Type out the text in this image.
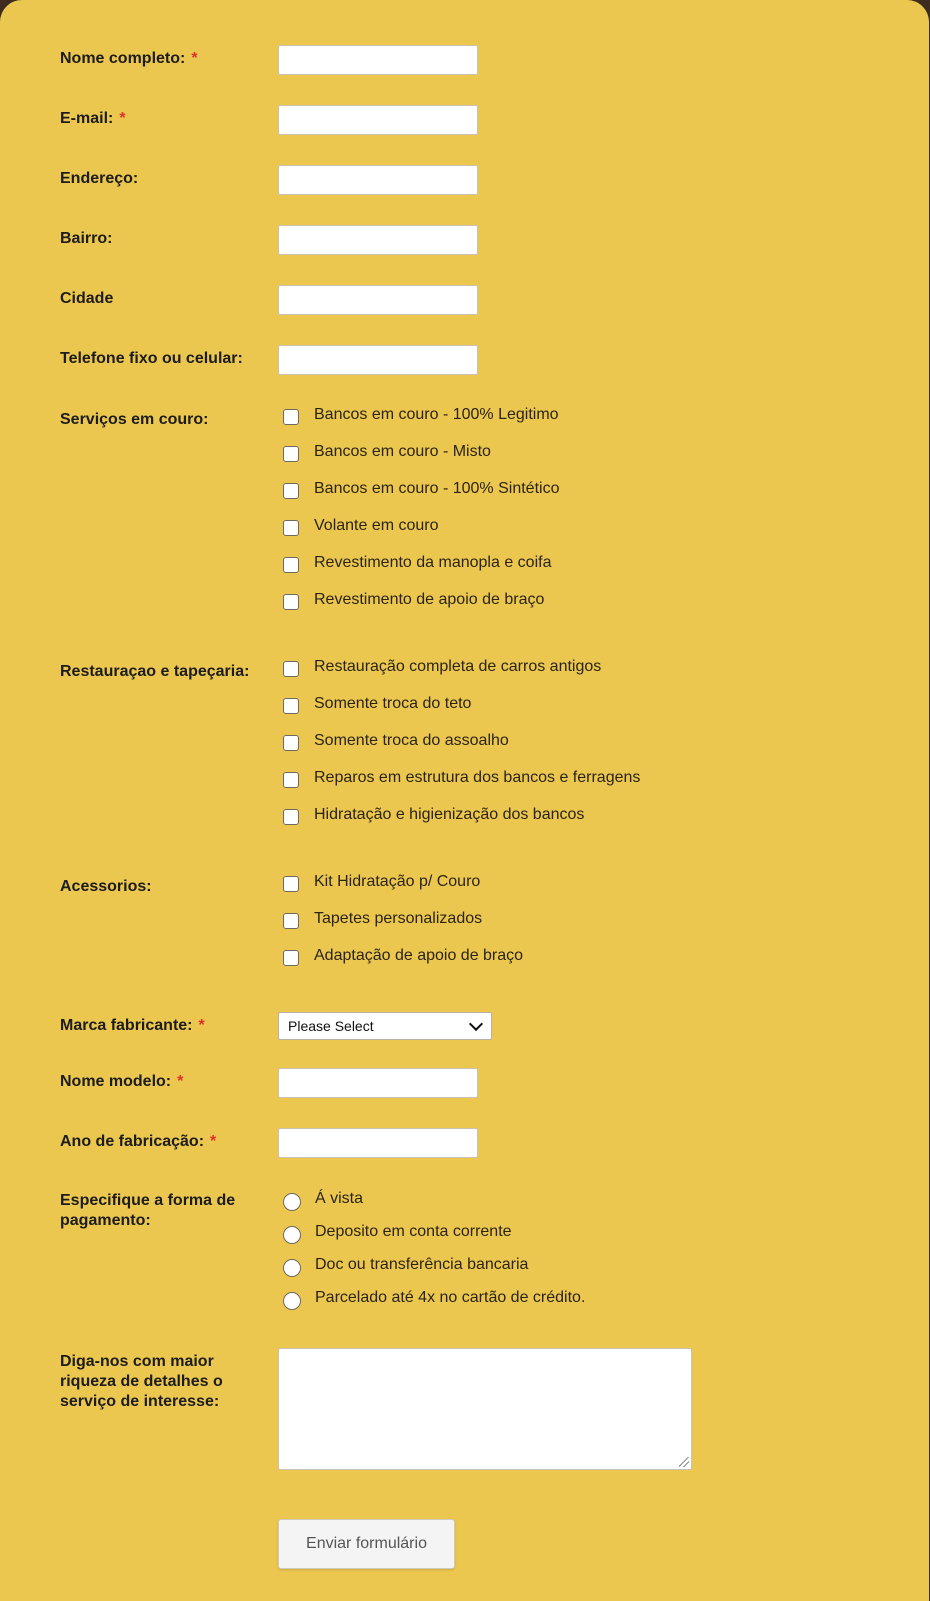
Nome completo: *
E-mail: *
Endereço:
Bairro:
Cidade
Telefone fixo ou celular:
Serviços em couro:	Bancos em couro - 100% Legitimo
Bancos em couro - Misto
Bancos em couro - 100% Sintético
Volante em couro
Revestimento da manopla e coifa
Revestimento de apoio de braço
Restauraçao e tapeçaria:	Restauração completa de carros antigos
Somente troca do teto
Somente troca do assoalho
Reparos em estrutura dos bancos e ferragens
Hidratação e higienização dos bancos
Acessorios:	Kit Hidratação p/ Couro
Tapetes personalizados
Adaptação de apoio de braço
Marca fabricante: *	Please Select
Nome modelo: *
Ano de fabricação: *
Especifique a forma de pagamento:
Á vista
Deposito em conta corrente
Doc ou transferência bancaria
Parcelado até 4x no cartão de crédito.
Diga-nos com maior riqueza de detalhes o serviço de interesse:
Enviar formulário
